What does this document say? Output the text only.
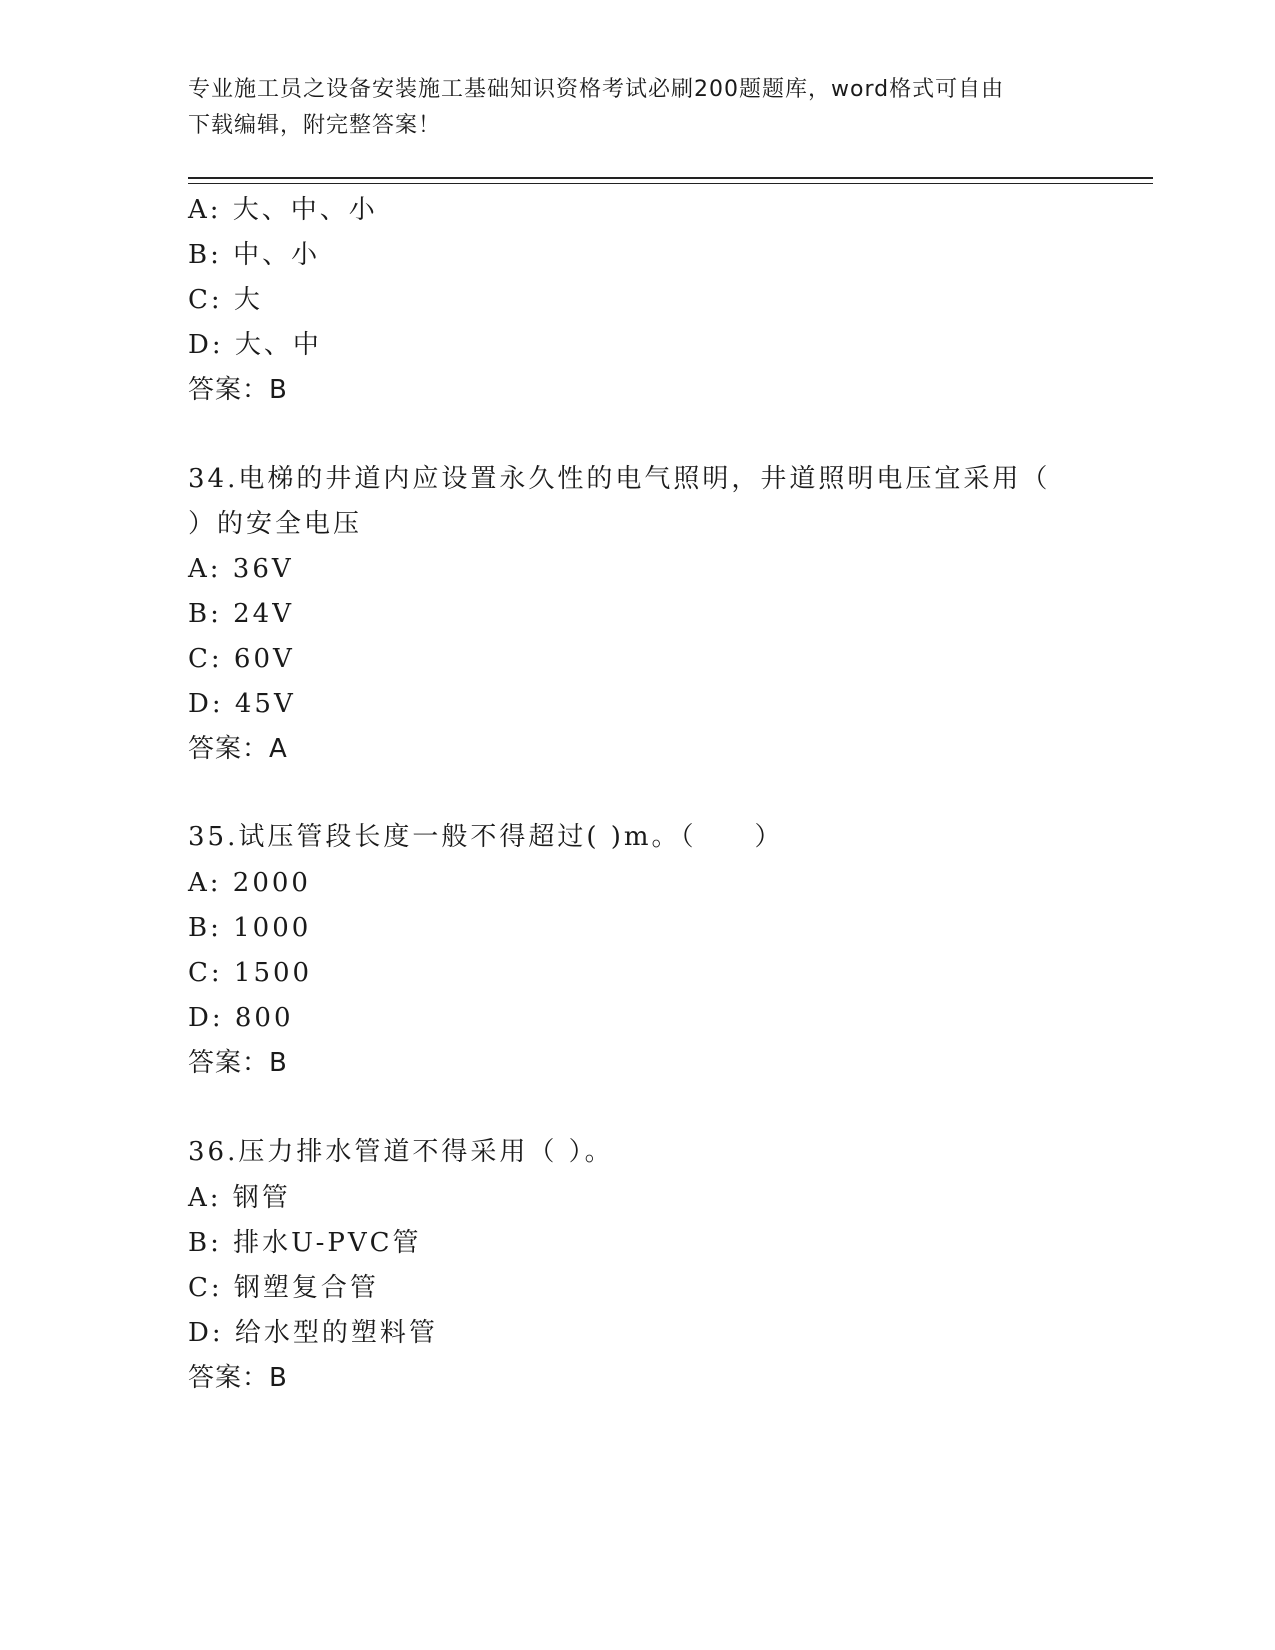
专业施工员之设备安装施工基础知识资格考试必刷200题题库，word格式可自由
下载编辑，附完整答案！
A: 大、中、小
B: 中、小
C: 大
D: 大、中
答案：B
34.电梯的井道内应设置永久性的电气照明，井道照明电压宜采用（
）的安全电压
A: 36V
B: 24V
C: 60V
D: 45V
答案：A
35.试压管段长度一般不得超过( )m。（　　）
A: 2000
B: 1000
C: 1500
D: 800
答案：B
36.压力排水管道不得采用（ ）。
A: 钢管
B: 排水U-PVC管
C: 钢塑复合管
D: 给水型的塑料管
答案：B
